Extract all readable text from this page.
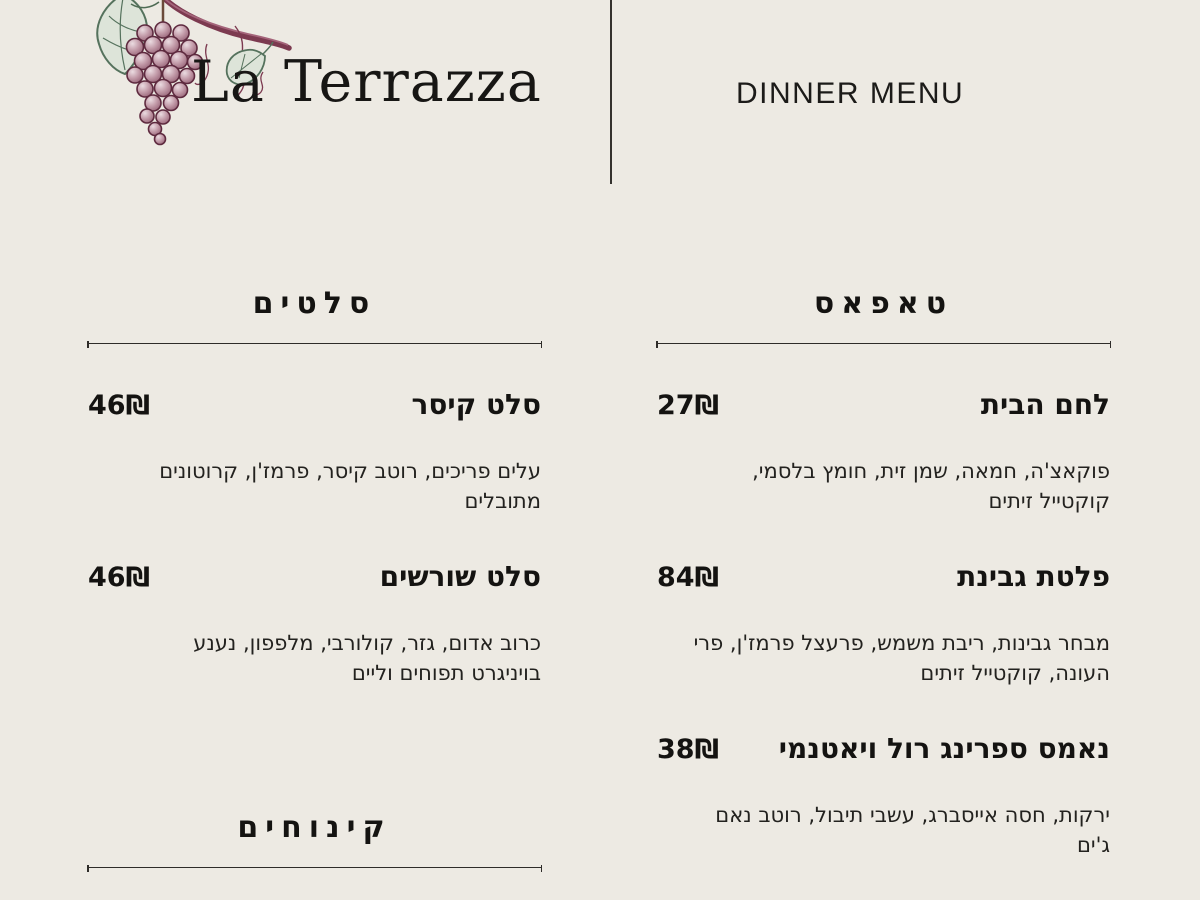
La Terrazza	DINNER MENU
סלטים
סלט קיסר
46₪

עלים פריכים, רוטב קיסר, פרמז'ן, קרוטונים מתובלים

סלט שורשים
46₪

כרוב אדום, גזר, קולורבי, מלפפון, נענע בויניגרט תפוחים וליים

טאפאס
לחם הבית
27₪

פוקאצ'ה, חמאה, שמן זית, חומץ בלסמי, קוקטייל זיתים

פלטת גבינת
84₪

מבחר גבינות, ריבת משמש, פרעצל פרמז'ן, פרי העונה, קוקטייל זיתים

נאמס ספרינג רול ויאטנמי
38₪

ירקות, חסה אייסברג, עשבי תיבול, רוטב נאם ג'ים

קינוחים
